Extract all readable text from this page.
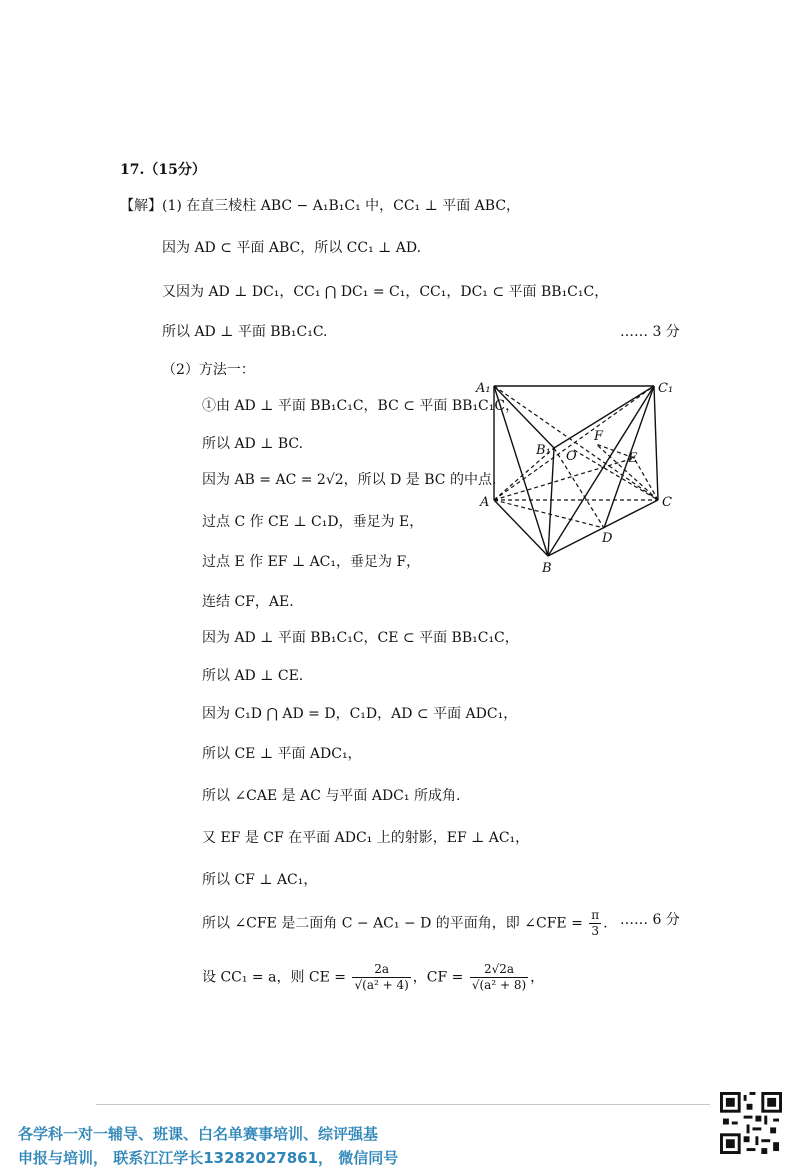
17.（15分）
【解】(1) 在直三棱柱 ABC − A₁B₁C₁ 中，CC₁ ⊥ 平面 ABC，
因为 AD ⊂ 平面 ABC，所以 CC₁ ⊥ AD.
又因为 AD ⊥ DC₁，CC₁ ⋂ DC₁ = C₁，CC₁，DC₁ ⊂ 平面 BB₁C₁C，
所以 AD ⊥ 平面 BB₁C₁C.	…… 3 分
（2）方法一：
①由 AD ⊥ 平面 BB₁C₁C，BC ⊂ 平面 BB₁C₁C，
所以 AD ⊥ BC.
因为 AB = AC = 2√2，所以 D 是 BC 的中点.
过点 C 作 CE ⊥ C₁D，垂足为 E，
过点 E 作 EF ⊥ AC₁，垂足为 F，
连结 CF，AE.
因为 AD ⊥ 平面 BB₁C₁C，CE ⊂ 平面 BB₁C₁C，
所以 AD ⊥ CE.
因为 C₁D ⋂ AD = D，C₁D，AD ⊂ 平面 ADC₁，
所以 CE ⊥ 平面 ADC₁，
所以 ∠CAE 是 AC 与平面 ADC₁ 所成角.
又 EF 是 CF 在平面 ADC₁ 上的射影，EF ⊥ AC₁，
所以 CF ⊥ AC₁，
所以 ∠CFE 是二面角 C − AC₁ − D 的平面角，即 ∠CFE = $\frac{\pi}{3}$ . …… 6 分
设 CC₁ = a，则 CE = $\frac{2a}{\text{√(a² + 4)}}$ ，CF = $\frac{2√2a}{\text{√(a² + 8)}}$ ，
A₁	C₁
B₁ O
F
E
A	C
D
B
各学科一对一辅导、班课、白名单赛事培训、综评强基
申报与培训， 联系江江学长13282027861， 微信同号
